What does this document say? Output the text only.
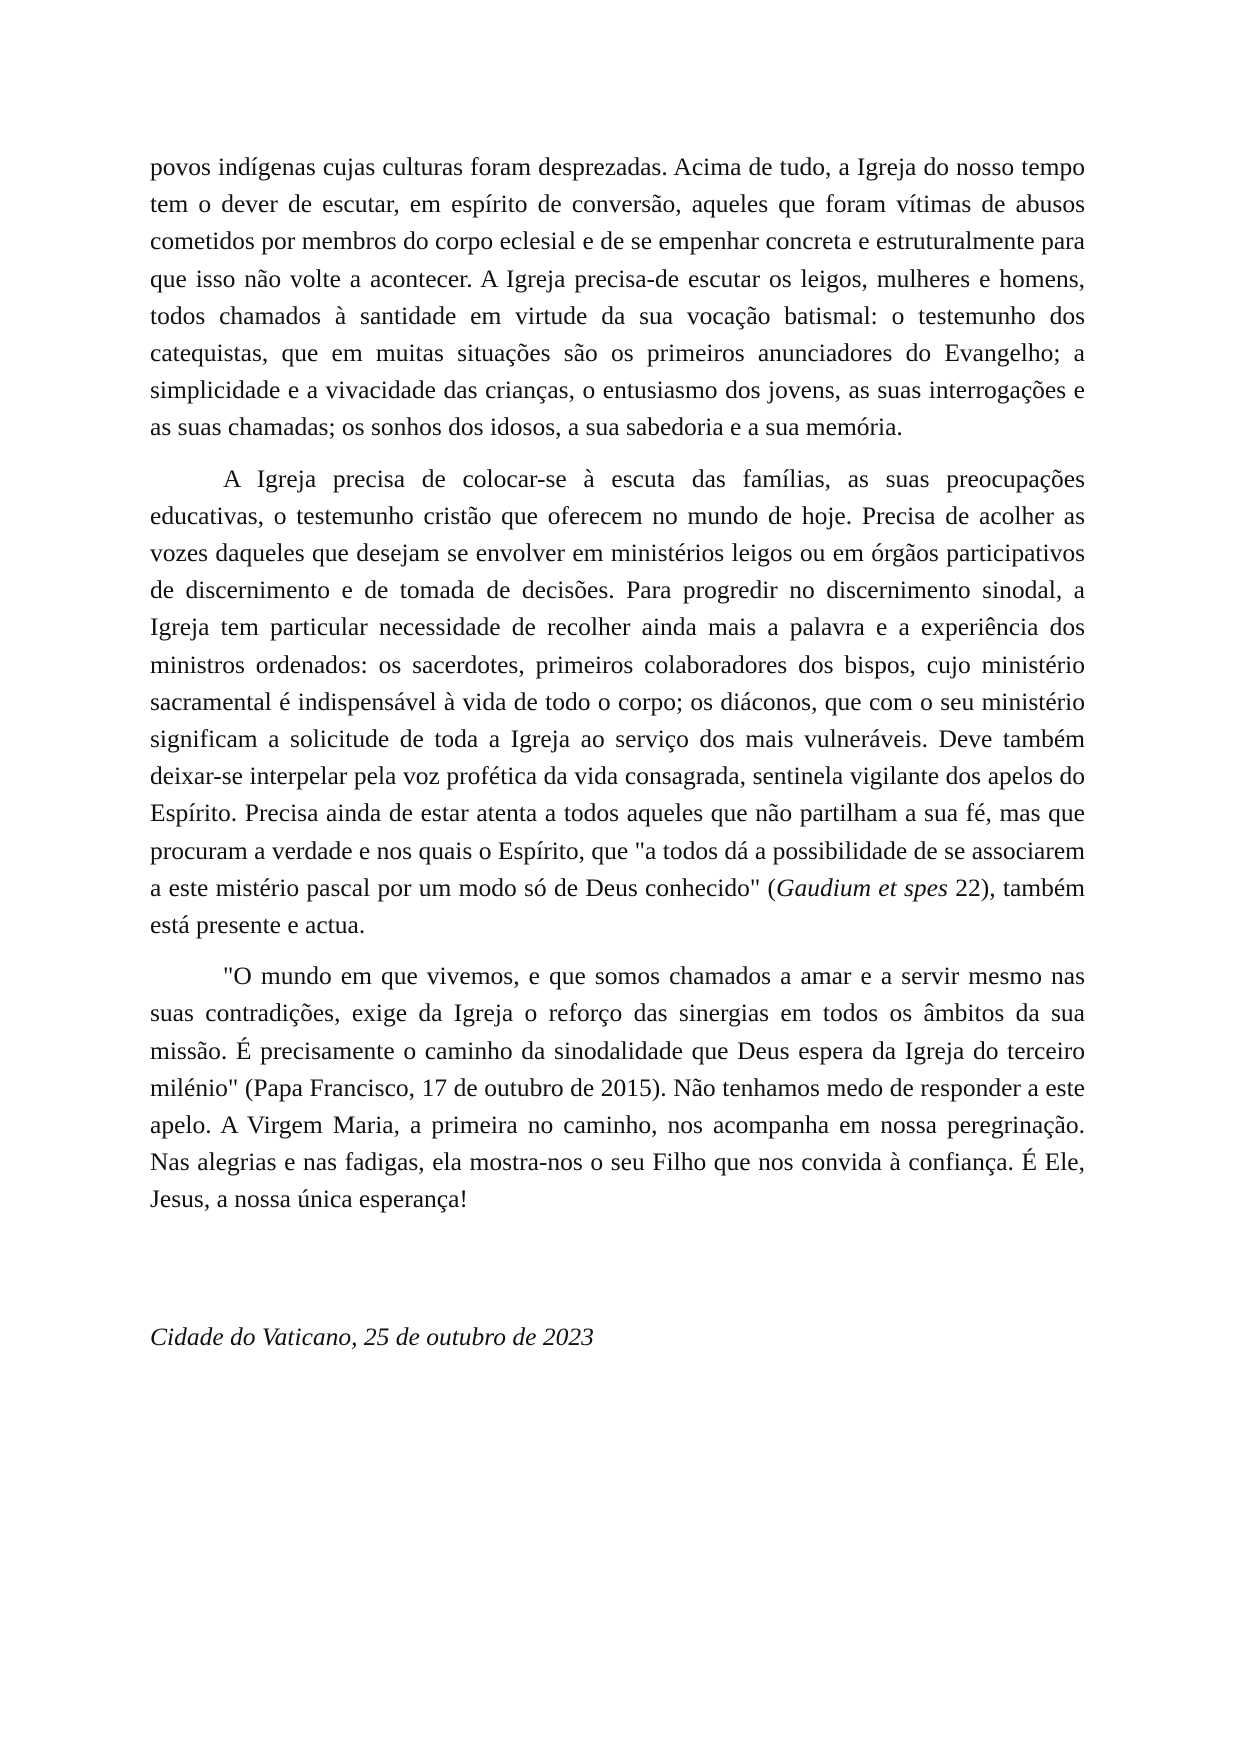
povos indígenas cujas culturas foram desprezadas. Acima de tudo, a Igreja do nosso tempo tem o dever de escutar, em espírito de conversão, aqueles que foram vítimas de abusos cometidos por membros do corpo eclesial e de se empenhar concreta e estruturalmente para que isso não volte a acontecer. A Igreja precisa-de escutar os leigos, mulheres e homens, todos chamados à santidade em virtude da sua vocação batismal: o testemunho dos catequistas, que em muitas situações são os primeiros anunciadores do Evangelho; a simplicidade e a vivacidade das crianças, o entusiasmo dos jovens, as suas interrogações e as suas chamadas; os sonhos dos idosos, a sua sabedoria e a sua memória.

A Igreja precisa de colocar-se à escuta das famílias, as suas preocupações educativas, o testemunho cristão que oferecem no mundo de hoje. Precisa de acolher as vozes daqueles que desejam se envolver em ministérios leigos ou em órgãos participativos de discernimento e de tomada de decisões. Para progredir no discernimento sinodal, a Igreja tem particular necessidade de recolher ainda mais a palavra e a experiência dos ministros ordenados: os sacerdotes, primeiros colaboradores dos bispos, cujo ministério sacramental é indispensável à vida de todo o corpo; os diáconos, que com o seu ministério significam a solicitude de toda a Igreja ao serviço dos mais vulneráveis. Deve também deixar-se interpelar pela voz profética da vida consagrada, sentinela vigilante dos apelos do Espírito. Precisa ainda de estar atenta a todos aqueles que não partilham a sua fé, mas que procuram a verdade e nos quais o Espírito, que "a todos dá a possibilidade de se associarem a este mistério pascal por um modo só de Deus conhecido" (Gaudium et spes 22), também está presente e actua.

"O mundo em que vivemos, e que somos chamados a amar e a servir mesmo nas suas contradições, exige da Igreja o reforço das sinergias em todos os âmbitos da sua missão. É precisamente o caminho da sinodalidade que Deus espera da Igreja do terceiro milénio" (Papa Francisco, 17 de outubro de 2015). Não tenhamos medo de responder a este apelo. A Virgem Maria, a primeira no caminho, nos acompanha em nossa peregrinação. Nas alegrias e nas fadigas, ela mostra-nos o seu Filho que nos convida à confiança. É Ele, Jesus, a nossa única esperança!

Cidade do Vaticano, 25 de outubro de 2023
